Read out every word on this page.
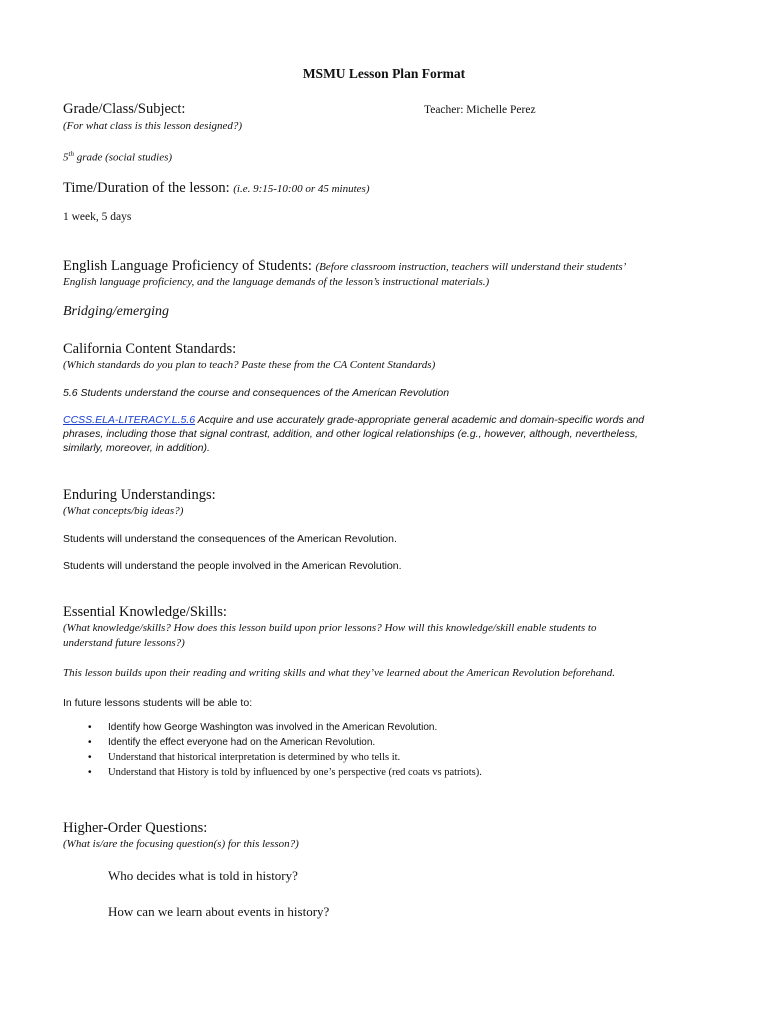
MSMU Lesson Plan Format
Grade/Class/Subject:	Teacher: Michelle Perez
(For what class is this lesson designed?)
5th grade (social studies)
Time/Duration of the lesson: (i.e. 9:15-10:00 or 45 minutes)
1 week, 5 days
English Language Proficiency of Students: (Before classroom instruction, teachers will understand their students’
English language proficiency, and the language demands of the lesson’s instructional materials.)
Bridging/emerging
California Content Standards:
(Which standards do you plan to teach? Paste these from the CA Content Standards)
5.6 Students understand the course and consequences of the American Revolution
CCSS.ELA-LITERACY.L.5.6 Acquire and use accurately grade-appropriate general academic and domain-specific words and
phrases, including those that signal contrast, addition, and other logical relationships (e.g., however, although, nevertheless,
similarly, moreover, in addition).
Enduring Understandings:
(What concepts/big ideas?)
Students will understand the consequences of the American Revolution.
Students will understand the people involved in the American Revolution.
Essential Knowledge/Skills:
(What knowledge/skills? How does this lesson build upon prior lessons? How will this knowledge/skill enable students to
understand future lessons?)
This lesson builds upon their reading and writing skills and what they’ve learned about the American Revolution beforehand.
In future lessons students will be able to:
• Identify how George Washington was involved in the American Revolution.
• Identify the effect everyone had on the American Revolution.
• Understand that historical interpretation is determined by who tells it.
• Understand that History is told by influenced by one’s perspective (red coats vs patriots).
Higher-Order Questions:
(What is/are the focusing question(s) for this lesson?)
Who decides what is told in history?
How can we learn about events in history?
